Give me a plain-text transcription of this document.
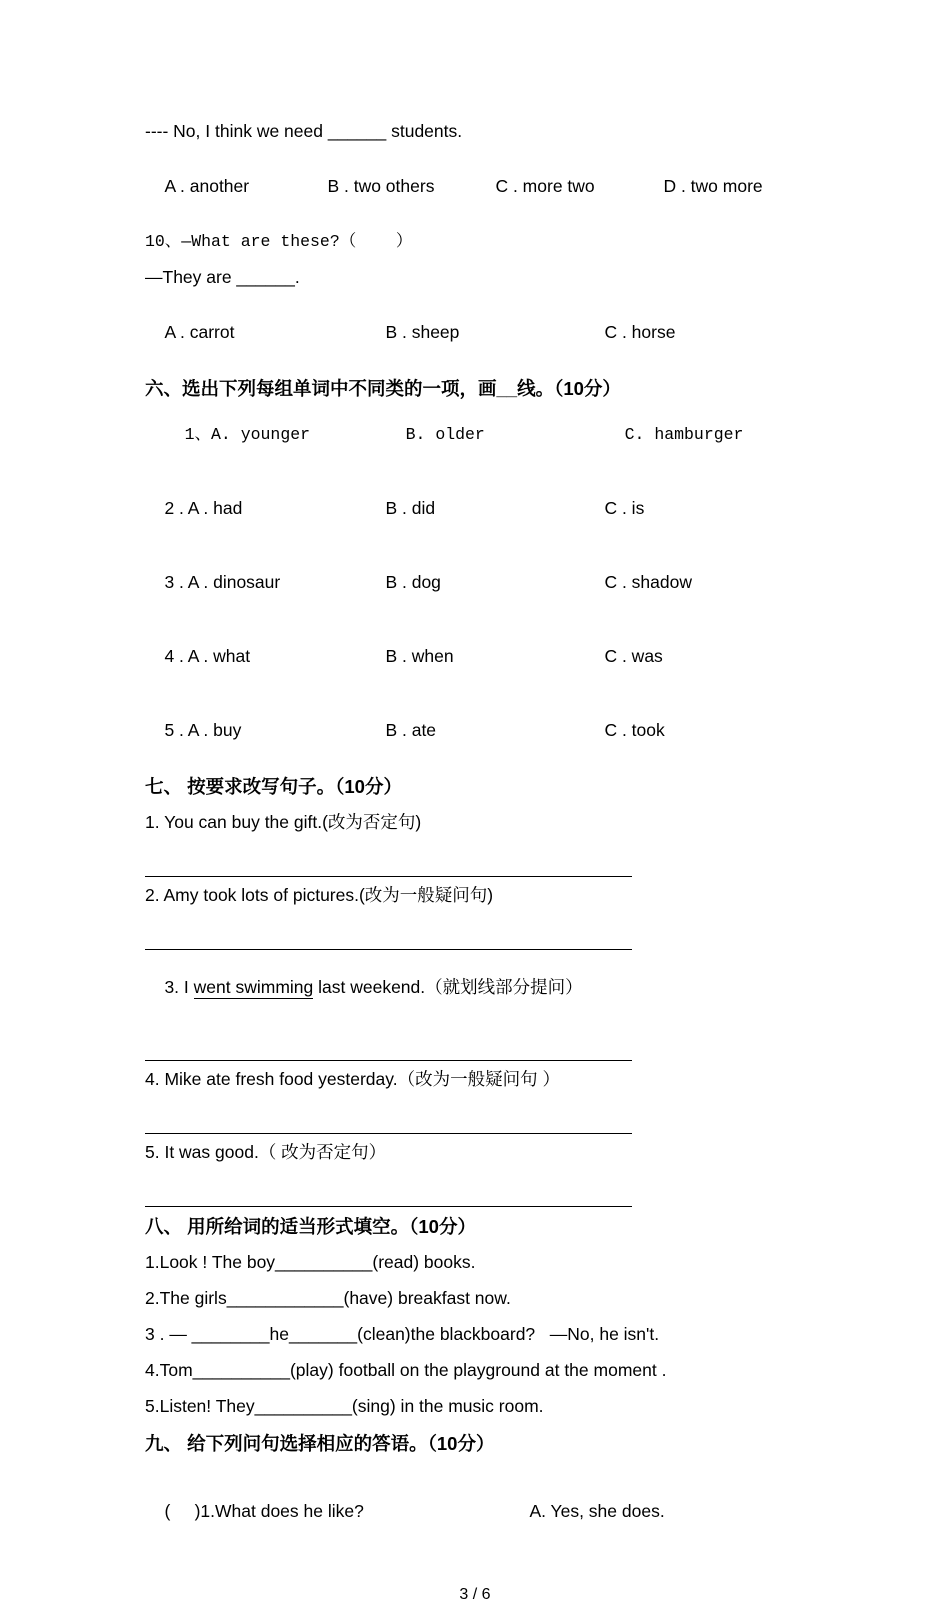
---- No, I think we need ______ students.

A . another	B . two others	C . more two	D . two more

10、—What are these?（    ）
—They are ______.

A . carrot	B . sheep	C . horse

六、选出下列每组单词中不同类的一项，画__线。（10分）

1、A. younger	B. older	C. hamburger

2 . A . had	B . did	C . is

3 . A . dinosaur	B . dog	C . shadow

4 . A . what	B . when	C . was

5 . A . buy	B . ate	C . took

七、 按要求改写句子。（10分）
1. You can buy the gift.(改为否定句)
2. Amy took lots of pictures.(改为一般疑问句)

3. I went swimming last weekend.（就划线部分提问）

4. Mike ate fresh food yesterday.（改为一般疑问句 ）
5. It was good.（ 改为否定句）
八、 用所给词的适当形式填空。（10分）
1.Look ! The boy__________(read) books.
2.The girls____________(have) breakfast now.
3 . — ________he_______(clean)the blackboard?   —No, he isn't.
4.Tom__________(play) football on the playground at the moment .
5.Listen! They__________(sing) in the music room.
九、 给下列问句选择相应的答语。（10分）

(     )1.What does he like?	A. Yes, she does.

3 / 6
